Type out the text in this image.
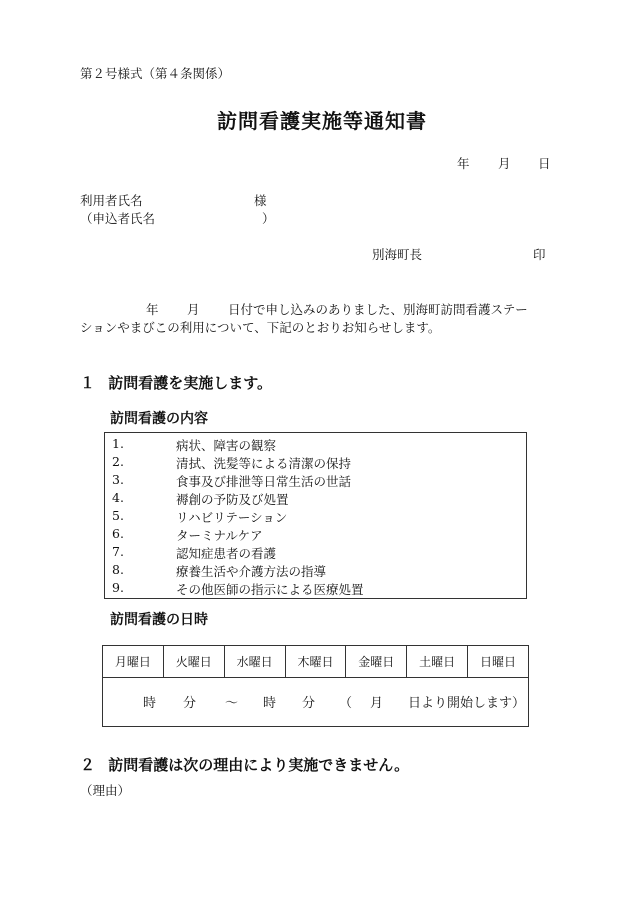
第２号様式（第４条関係）
訪問看護実施等通知書
年 月 日
利用者氏名	様
（申込者氏名	）
別海町長	印
年 月 日付で申し込みのありました、別海町訪問看護ステー
ションやまびこの利用について、下記のとおりお知らせします。
１ 訪問看護を実施します。
訪問看護の内容
1.	病状、障害の観察
2.	清拭、洗髪等による清潔の保持
3.	食事及び排泄等日常生活の世話
4.	褥創の予防及び処置
5.	リハビリテーション
6.	ターミナルケア
7.	認知症患者の看護
8.	療養生活や介護方法の指導
9.	その他医師の指示による医療処置
訪問看護の日時
月曜日	火曜日	水曜日	木曜日	金曜日	土曜日	日曜日

時 分 ～ 時 分 （ 月 日より開始します）
２ 訪問看護は次の理由により実施できません。
（理由）
